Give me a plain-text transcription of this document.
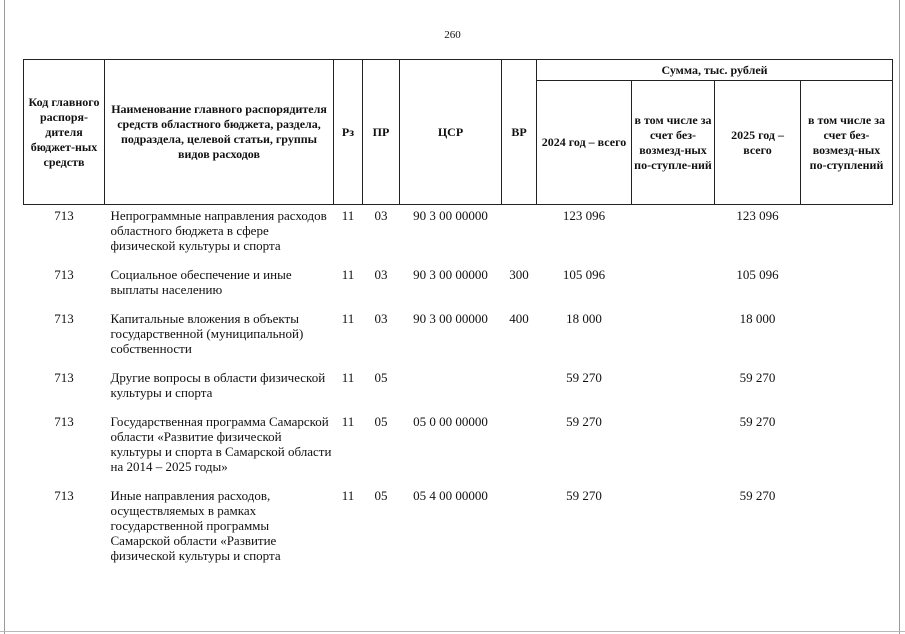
260
Код главного распоря-дителя бюджет-ных средств	Наименование главного распорядителя средств областного бюджета, раздела, подраздела, целевой статьи, группы видов расходов	Рз	ПР	ЦСР	ВР	Сумма, тыс. рублей			
						2024 год – всего	в том числе за счет без-возмезд-ных по-ступле-ний	2025 год – всего	в том числе за счет без-возмезд-ных по-ступлений
713	Непрограммные направления расходов областного бюджета в сфере физической культуры и спорта	11	03	90 3 00 00000		123 096		123 096	
713	Социальное обеспечение и иные выплаты населению	11	03	90 3 00 00000	300	105 096		105 096	
713	Капитальные вложения в объекты государственной (муниципальной) собственности	11	03	90 3 00 00000	400	18 000		18 000	
713	Другие вопросы в области физической культуры и спорта	11	05			59 270		59 270	
713	Государственная программа Самарской области «Развитие физической культуры и спорта в Самарской области на 2014 – 2025 годы»	11	05	05 0 00 00000		59 270		59 270	
713	Иные направления расходов, осуществляемых в рамках государственной программы Самарской области «Развитие физической культуры и спорта	11	05	05 4 00 00000		59 270		59 270	
